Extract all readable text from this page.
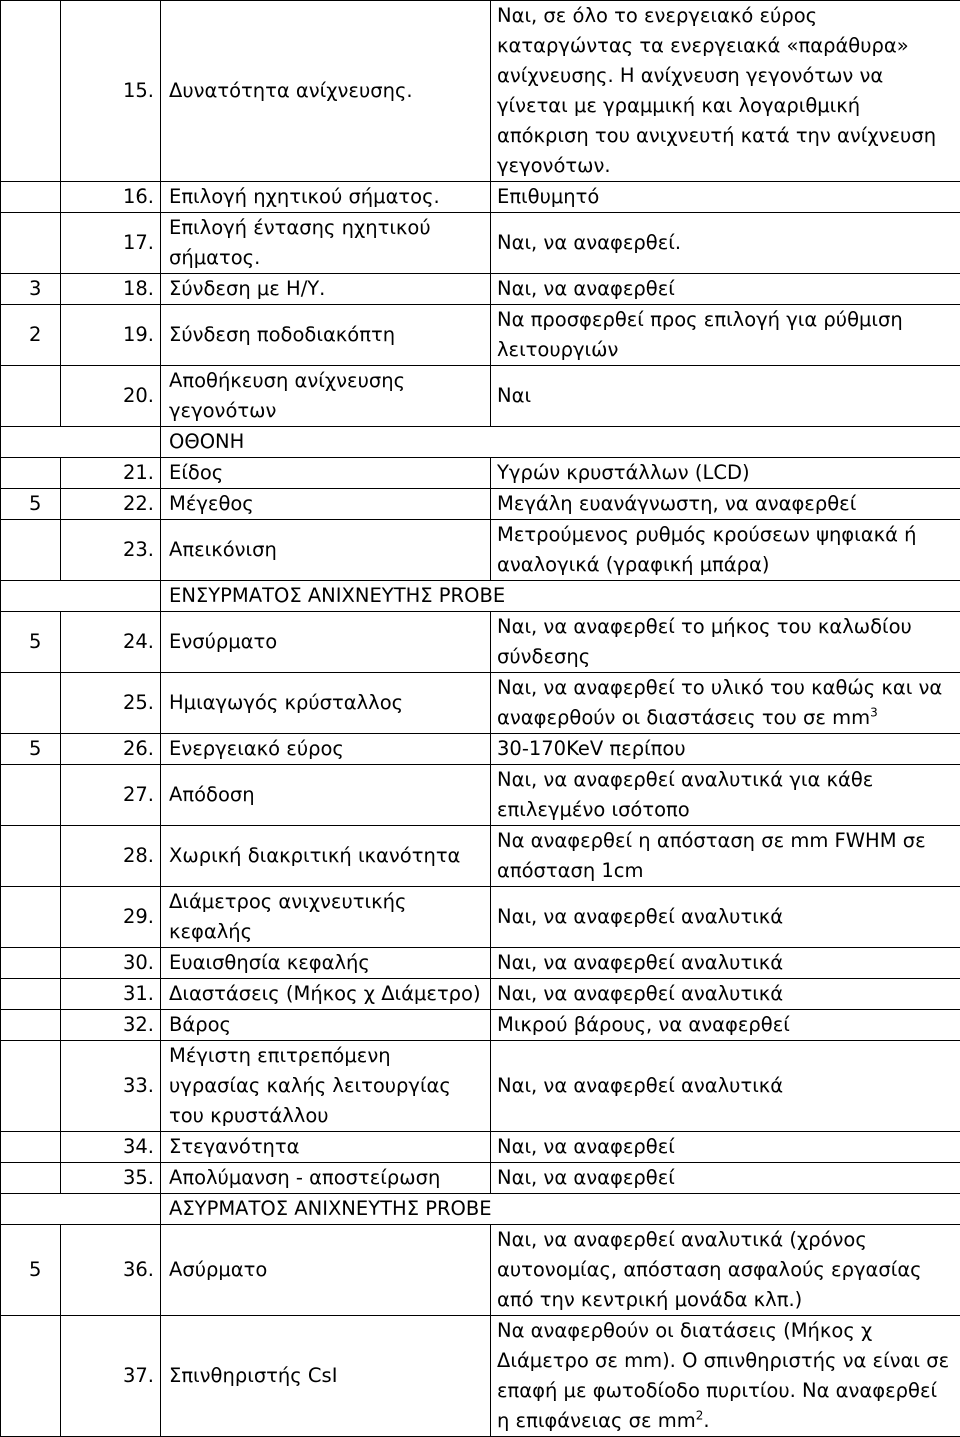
	15.	Δυνατότητα ανίχνευσης.	Ναι, σε όλο το ενεργειακό εύρος καταργώντας τα ενεργειακά «παράθυρα» ανίχνευσης. Η ανίχνευση γεγονότων να γίνεται με γραμμική και λογαριθμική απόκριση του ανιχνευτή κατά την ανίχνευση γεγονότων.
	16.	Επιλογή ηχητικού σήματος.	Επιθυμητό
	17.	Επιλογή έντασης ηχητικού σήματος.	Ναι, να αναφερθεί.
3	18.	Σύνδεση με Η/Υ.	Ναι, να αναφερθεί
2	19.	Σύνδεση ποδοδιακόπτη	Να προσφερθεί προς επιλογή για ρύθμιση λειτουργιών
	20.	Αποθήκευση ανίχνευσης γεγονότων	Ναι
		ΟΘΟΝΗ	
	21.	Είδος	Υγρών κρυστάλλων (LCD)
5	22.	Μέγεθος	Μεγάλη ευανάγνωστη, να αναφερθεί
	23.	Απεικόνιση	Μετρούμενος ρυθμός κρούσεων ψηφιακά ή αναλογικά (γραφική μπάρα)
		ΕΝΣΥΡΜΑΤΟΣ ΑΝΙΧΝΕΥΤΗΣ PROBE	
5	24.	Ενσύρματο	Ναι, να αναφερθεί το μήκος του καλωδίου σύνδεσης
	25.	Ημιαγωγός κρύσταλλος	Ναι, να αναφερθεί το υλικό του καθώς και να αναφερθούν οι διαστάσεις του σε $mm^3$
5	26.	Ενεργειακό εύρος	30-170KeV περίπου
	27.	Απόδοση	Ναι, να αναφερθεί αναλυτικά για κάθε επιλεγμένο ισότοπο
	28.	Χωρική διακριτική ικανότητα	Να αναφερθεί η απόσταση σε mm FWHM σε απόσταση 1cm
	29.	Διάμετρος ανιχνευτικής κεφαλής	Ναι, να αναφερθεί αναλυτικά
	30.	Ευαισθησία κεφαλής	Ναι, να αναφερθεί αναλυτικά
	31.	Διαστάσεις (Μήκος χ Διάμετρο)	Ναι, να αναφερθεί αναλυτικά
	32.	Βάρος	Μικρού βάρους, να αναφερθεί
	33.	Μέγιστη επιτρεπόμενη υγρασίας καλής λειτουργίας του κρυστάλλου	Ναι, να αναφερθεί αναλυτικά
	34.	Στεγανότητα	Ναι, να αναφερθεί
	35.	Απολύμανση - αποστείρωση	Ναι, να αναφερθεί
		ΑΣΥΡΜΑΤΟΣ ΑΝΙΧΝΕΥΤΗΣ PROBE	
5	36.	Ασύρματο	Ναι, να αναφερθεί αναλυτικά (χρόνος αυτονομίας, απόσταση ασφαλούς εργασίας από την κεντρική μονάδα κλπ.)
	37.	Σπινθηριστής CsI	Να αναφερθούν οι διατάσεις (Μήκος χ Διάμετρο σε mm). Ο σπινθηριστής να είναι σε επαφή με φωτοδίοδο πυριτίου. Να αναφερθεί η επιφάνειας σε $mm^2$.
